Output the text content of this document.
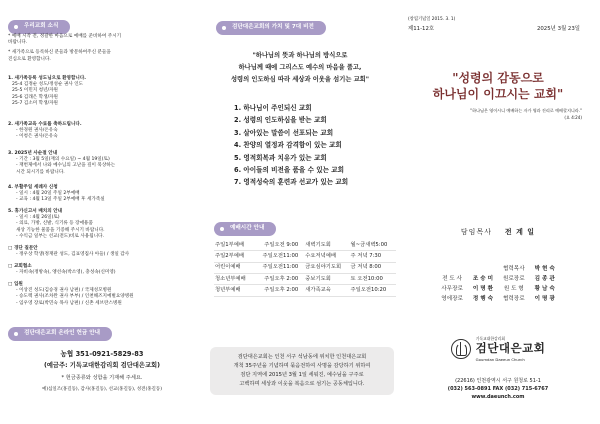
우리교회 소식
* 예배 시작 전, 정갈한 마음으로 예배를 준비하여 주시기
바랍니다.
* 새가족으로 등록하신 분들과 방문하여주신 분들을
진심으로 환영합니다.
1. 새가족등록 성도님으로 환영합니다.
25-4 김정순 성도/정성순 권사 인도
25-5 이민지 청년/자원
25-6 김래은 학생/자원
25-7 김소미 학생/자원
2. 새가족교육 수료를 축하드립니다.
- 한경원 권사/온유숙
- 이청은 권사/온유숙
3. 2025년 사순절 안내
- 기간 : 3월 5일(재의 수요일) ~ 4월 19일(토)
- 재번제에서 나와 예수님의 고난을 깊이 묵상하는
시간 되시기를 바랍니다.
4. 부활주일 세례자 신청
- 일시 : 4월 20일 주일 2부예배
- 교육 : 4월 13일 주일 2부예배 후 세가족실
5. 휴가신고서 배치의 안내
- 일시 : 4월 26일(토)
- 의료, 가방, 신발, 식기류 등 장애용품
새상 기능한 물품을 기증해 주시기 바랍니다.
- 수익금 일부는 선교(전도)비로 사용됩니다.
□ 경단 질문안
- 정우상 학생(정재관 성도, 김표영집사 아들) / 생일 감사
□ 교회협소
- 자비속(정방속), 엥선속(박소영), 충성속(신미영)
□ 입원
- 이상진 성도(김승경 권사 남편) / 국제성모병원
- 승도렉 권사(조차완 권사 부부) / 인천해즈지예벌요양병원
- 임우영 장로(박민숙 목사 남편) / 신촌 세브란스병원
검단대은교회 온라인 헌금 안내
농협 351-0921-5829-83
(예금주: 기독교대한감리회 검단대은교회)
* 헌금종류와 성함을 기재해 주세요.
예)십일조(홍길동), 감사(홍길동), 선교(홍길동), 성전(홍길동)
검단대은교회의 가치 및 7대 비전
"하나님의 뜻과 하나님의 방식으로
하나님께 때에 그리스도 예수의 마음을 품고,
성령의 인도하심 따라 세상과 이웃을 섬기는 교회"
1. 하나님이 주인되신 교회
2. 성령의 인도하심을 받는 교회
3. 살아있는 말씀이 선포되는 교회
4. 찬양의 열정과 감격함이 있는 교회
5. 영적회복과 치유가 있는 교회
6. 아이들의 비전을 품을 수 있는 교회
7. 영적성숙의 훈련과 선교가 있는 교회
예배시간 안내
주일1부예배	주일오전 9:00	새벽기도회	월~금새벽5:00
주일2부예배	주일오전11:00	수요저녁예배	주 저녁 7:30
어린이예배	주일오전11:00	금요심야기도회	금 저녁 8:00
청소년부예배	주일오후 2:00	중보기도회	토 오전10:00
청년부예배	주일오후 2:00	새가족교육	주일오전10:20
검단대은교회는 인천 서구 석남동에 위치한 인천대은교회
개척 35주년을 기념하며 묶음전하여 사명을 감당하기 위하여
검단 지역에 2015년 3월 1일 세워진, 예수님을 구주로
고백하며 세상과 이웃을 복음으로 섬기는 공동체입니다.
(창립기념일 2015. 3. 1)
제11-12호	2025년 3월 23일
"성령의 감동으로
하나님이 이끄시는 교회"
"하나님은 영이시니 예배하는 자가 영과 진리로 예배할지니라."
(요 4:24)
담임목사 전 계 일
		협력목사	박 현 숙
전 도 사	조 승 미	원로장로	김 종 관
사무장로	이 명 환	원 도 형	황 남 숙
영에장로	정 행 숙	협력장로	이 명 광
기독교대한감리회
검단대은교회
Goumdan Daeeun Church
(22616) 인천광역시 서구 원청로 51-1
(032) 563-0891 FAX (032) 715-6767
www.daeunch.com
